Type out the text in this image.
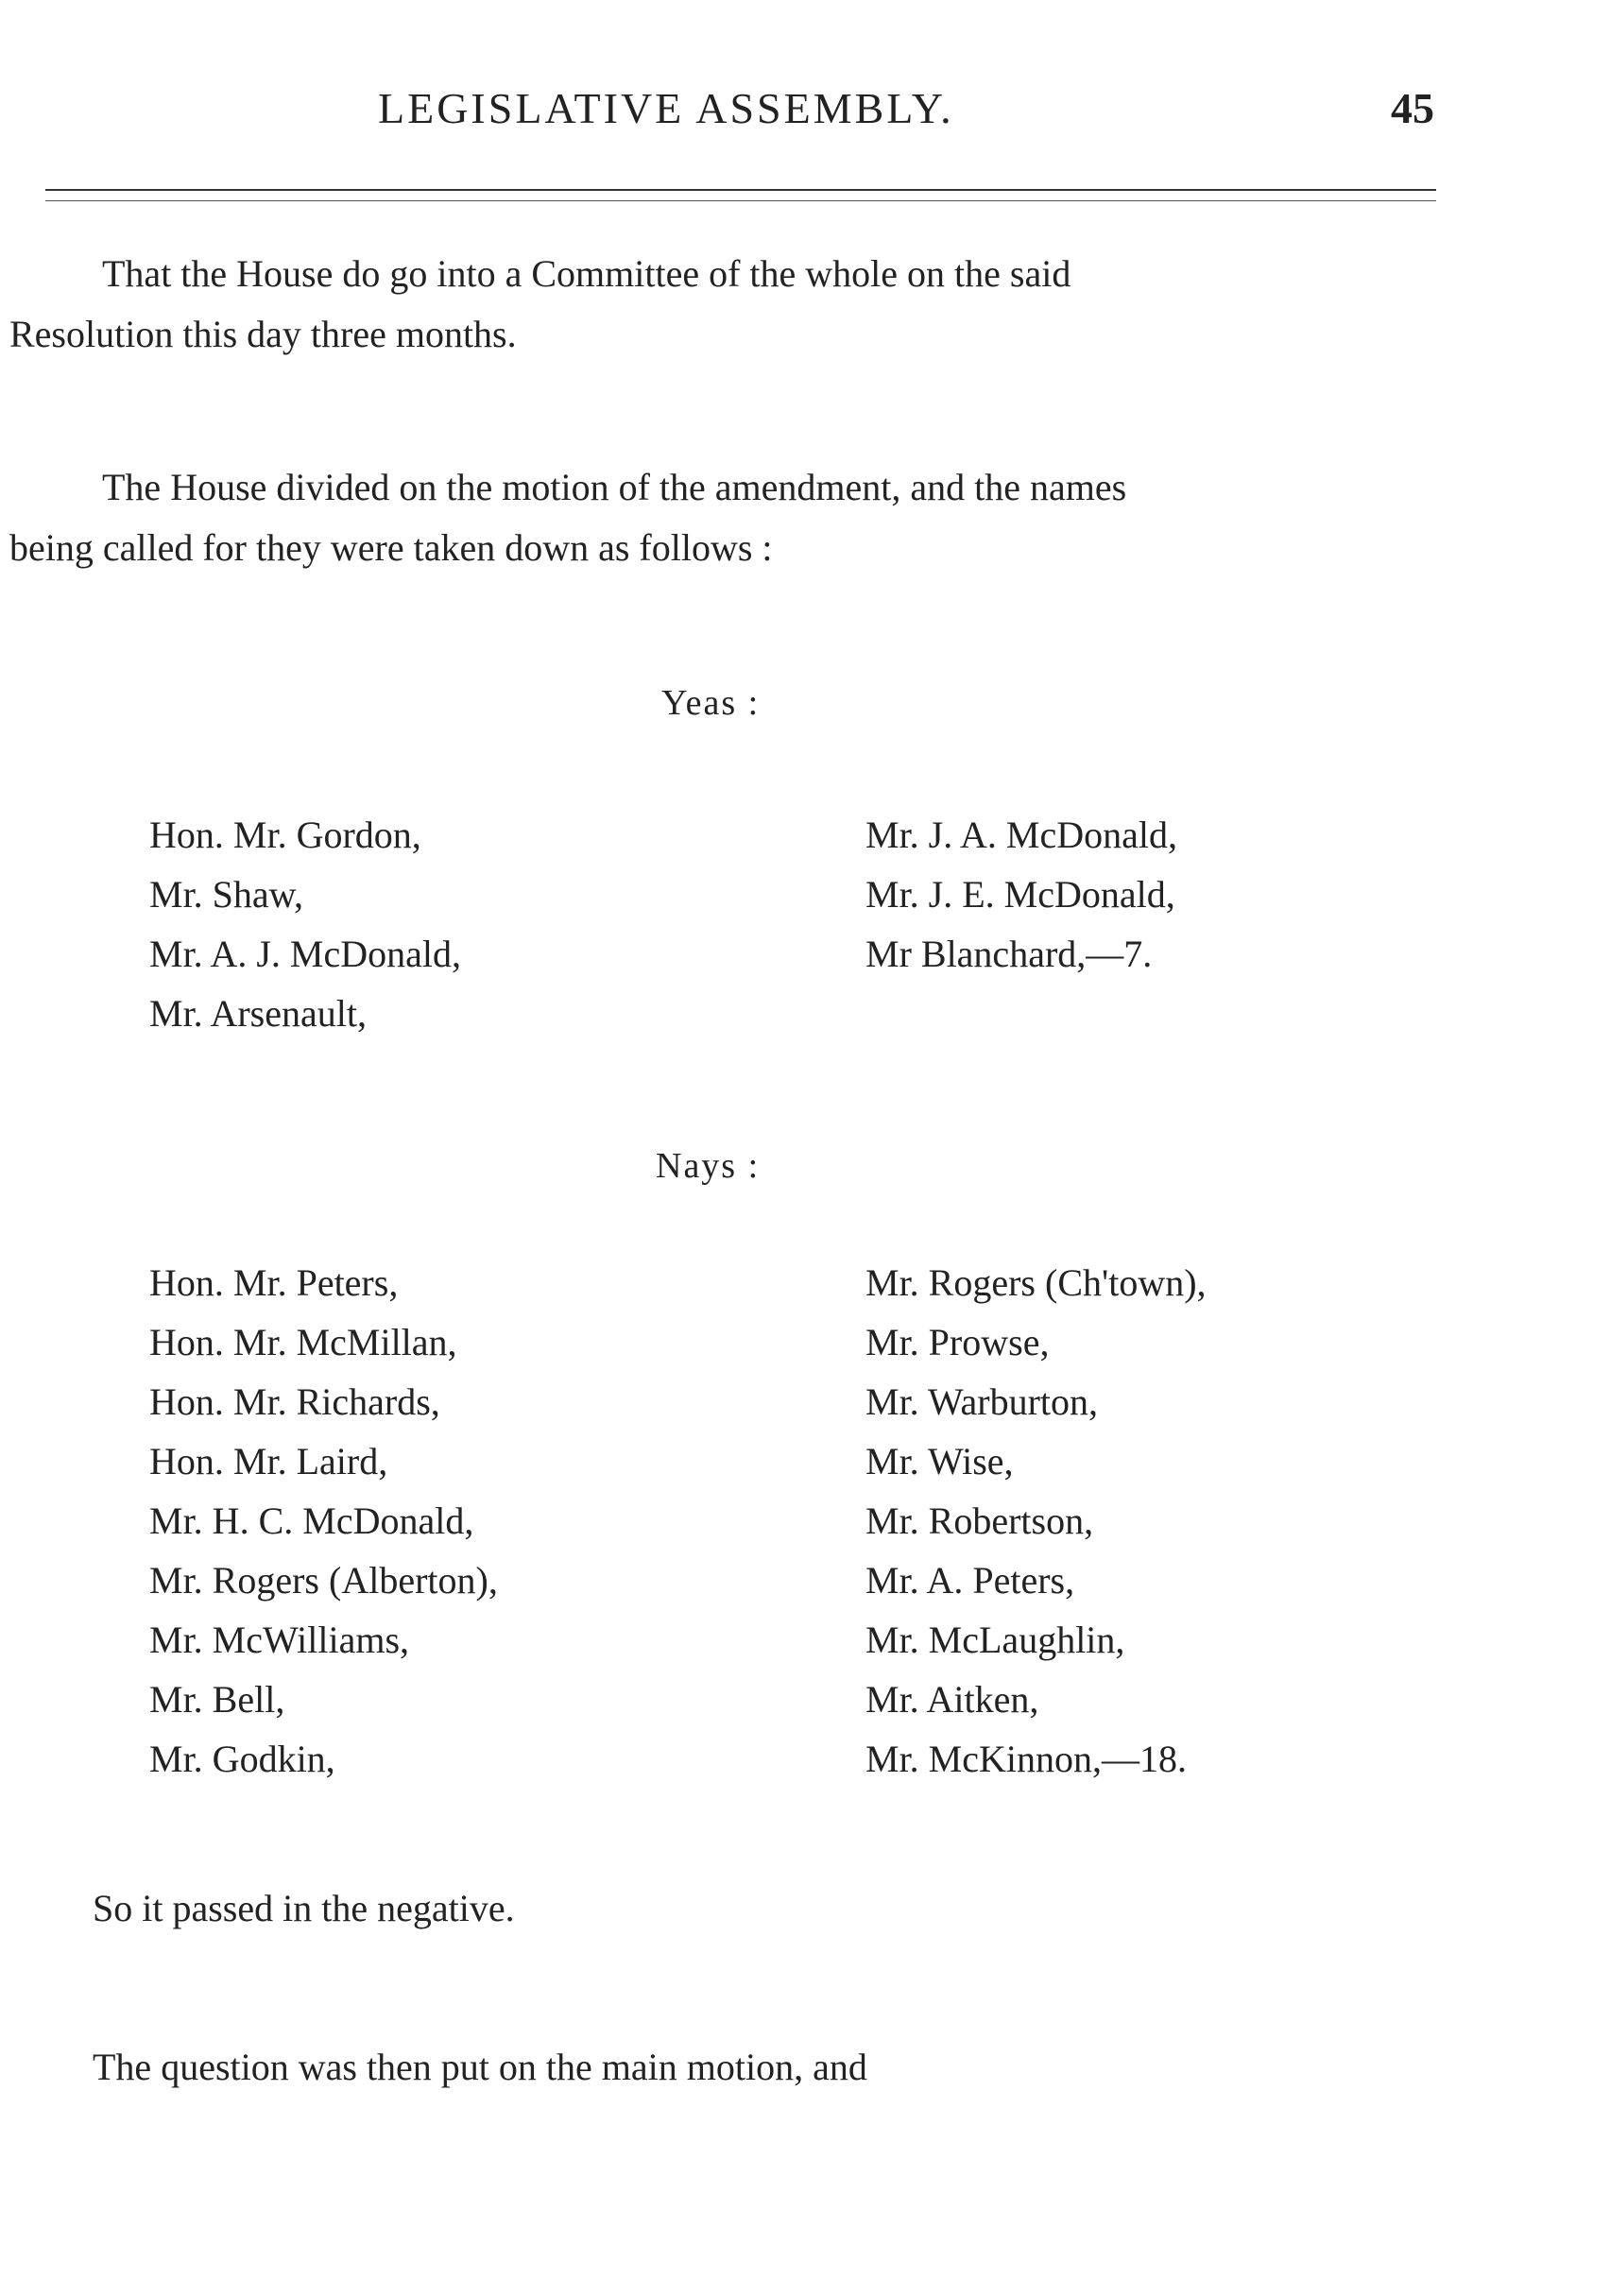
LEGISLATIVE ASSEMBLY.	45
That the House do go into a Committee of the whole on the said
Resolution this day three months.
The House divided on the motion of the amendment, and the names
being called for they were taken down as follows :
Yeas :
Hon. Mr. Gordon,
Mr. Shaw,
Mr. A. J. McDonald,
Mr. Arsenault,
Mr. J. A. McDonald,
Mr. J. E. McDonald,
Mr Blanchard,—7.
Nays :
Hon. Mr. Peters,
Hon. Mr. McMillan,
Hon. Mr. Richards,
Hon. Mr. Laird,
Mr. H. C. McDonald,
Mr. Rogers (Alberton),
Mr. McWilliams,
Mr. Bell,
Mr. Godkin,
Mr. Rogers (Ch'town),
Mr. Prowse,
Mr. Warburton,
Mr. Wise,
Mr. Robertson,
Mr. A. Peters,
Mr. McLaughlin,
Mr. Aitken,
Mr. McKinnon,—18.
So it passed in the negative.
The question was then put on the main motion, and
